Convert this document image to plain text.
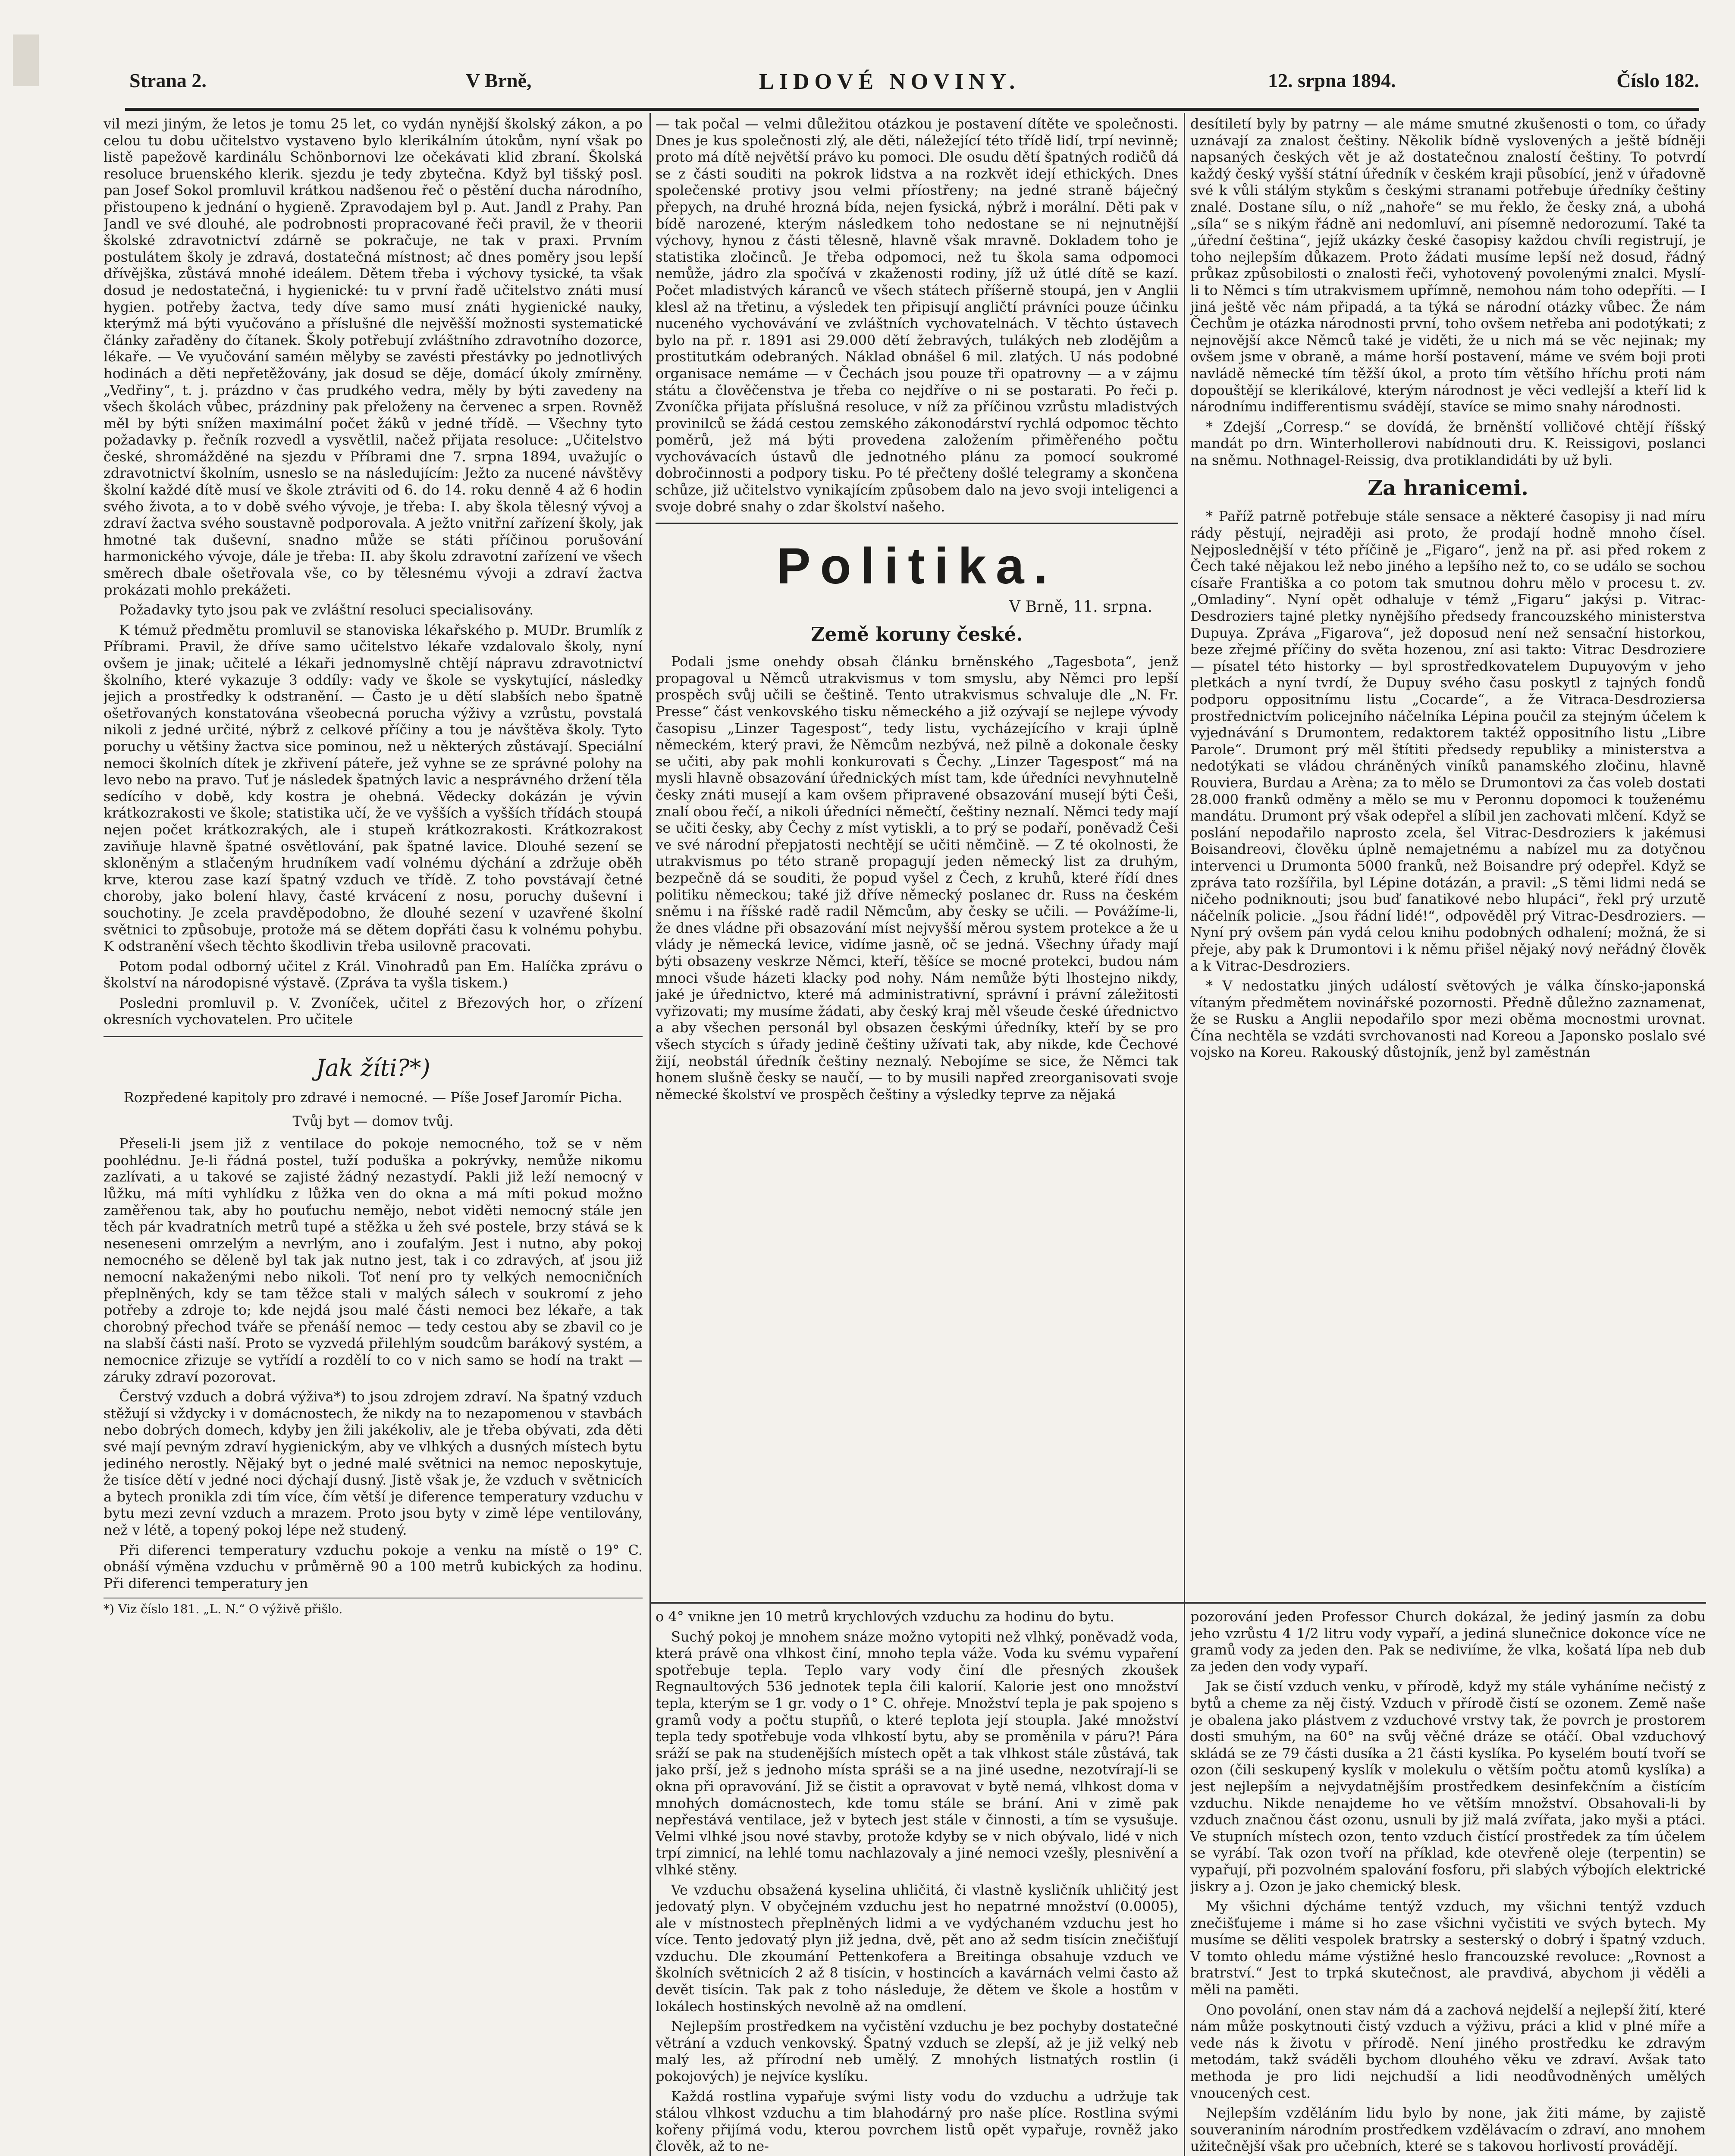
Strana 2.	V Brně,	LIDOVÉ NOVINY.	12. srpna 1894.	Číslo 182.

vil mezi jiným, že letos je tomu 25 let, co vydán nynější školský zákon, a po celou tu dobu učitelstvo vystaveno bylo klerikálním útokům, nyní však po listě papežově kardinálu Schönbornovi lze očekávati klid zbraní. Školská resoluce bruenského klerik. sjezdu je tedy zbytečna. Když byl tišský posl. pan Josef Sokol promluvil krátkou nadšenou řeč o pěstění ducha národního, přistoupeno k jednání o hygieně. Zpravodajem byl p. Aut. Jandl z Prahy. Pan Jandl ve své dlouhé, ale podrobnosti propracované řeči pravil, že v theorii školské zdravotnictví zdárně se pokračuje, ne tak v praxi. Prvním postulátem školy je zdravá, dostatečná místnost; ač dnes poměry jsou lepší dřívějška, zůstává mnohé ideálem. Dětem třeba i výchovy tysické, ta však dosud je nedostatečná, i hygienické: tu v první řadě učitelstvo znáti musí hygien. potřeby žactva, tedy díve samo musí znáti hygienické nauky, kterýmž má býti vyučováno a příslušné dle nejvěšší možnosti systematické články zařaděny do čítanek. Školy potřebují zvláštního zdravotního dozorce, lékaře. — Ve vyučování saméın mělyby se zavésti přestávky po jednotlivých hodinách a děti nepřetěžovány, jak dosud se děje, domácí úkoly zmírněny. „Vedřiny“, t. j. prázdno v čas prudkého vedra, měly by býti zavedeny na všech školách vůbec, prázdniny pak přeloženy na červenec a srpen. Rovněž měl by býti snížen maximální počet žáků v jedné třídě. — Všechny tyto požadavky p. řečník rozvedl a vysvětlil, načež přijata resoluce: „Učitelstvo české, shromážděné na sjezdu v Příbrami dne 7. srpna 1894, uvažujíc o zdravotnictví školním, usneslo se na následujícím: Ježto za nucené návštěvy školní každé dítě musí ve škole ztráviti od 6. do 14. roku denně 4 až 6 hodin svého života, a to v době svého vývoje, je třeba: I. aby škola tělesný vývoj a zdraví žactva svého soustavně podporovala. A ježto vnitřní zařízení školy, jak hmotné tak duševní, snadno může se státi příčinou porušování harmonického vývoje, dále je třeba: II. aby školu zdravotní zařízení ve všech směrech dbale ošetřovala vše, co by tělesnému vývoji a zdraví žactva prokázati mohlo prekážeti.

Požadavky tyto jsou pak ve zvláštní resoluci specialisovány.

K témuž předmětu promluvil se stanoviska lékařského p. MUDr. Brumlík z Příbrami. Pravil, že dříve samo učitelstvo lékaře vzdalovalo školy, nyní ovšem je jinak; učitelé a lékaři jednomyslně chtějí nápravu zdravotnictví školního, které vykazuje 3 oddíly: vady ve škole se vyskytující, následky jejich a prostředky k odstranění. — Často je u dětí slabších nebo špatně ošetřovaných konstatována všeobecná porucha výživy a vzrůstu, povstalá nikoli z jedné určité, nýbrž z celkové příčiny a tou je návštěva školy. Tyto poruchy u většiny žactva sice pominou, než u některých zůstávají. Speciální nemoci školních dítek je zkřivení páteře, jež vyhne se ze správné polohy na levo nebo na pravo. Tuť je následek špatných lavic a nesprávného držení těla sedícího v době, kdy kostra je ohebná. Vědecky dokázán je vývin krátkozrakosti ve škole; statistika učí, že ve vyšších a vyšších třídách stoupá nejen počet krátkozrakých, ale i stupeň krátkozrakosti. Krátkozrakost zaviňuje hlavně špatné osvětlování, pak špatné lavice. Dlouhé sezení se skloněným a stlačeným hrudníkem vadí volnému dýchání a zdržuje oběh krve, kterou zase kazí špatný vzduch ve třídě. Z toho povstávají četné choroby, jako bolení hlavy, časté krvácení z nosu, poruchy duševní i souchotiny. Je zcela pravděpodobno, že dlouhé sezení v uzavřené školní světnici to způsobuje, protože má se dětem dopřáti času k volnému pohybu. K odstranění všech těchto škodlivin třeba usilovně pracovati.

Potom podal odborný učitel z Král. Vinohradů pan Em. Halíčka zprávu o školství na národopisné výstavě. (Zpráva ta vyšla tiskem.)

Posledni promluvil p. V. Zvoníček, učitel z Březových hor, o zřízení okresních vychovatelen. Pro učitele

Jak žíti?*)

Rozpředené kapitoly pro zdravé i nemocné. — Píše Josef Jaromír Picha.

Tvůj byt — domov tvůj.

Přeseli-li jsem již z ventilace do pokoje nemocného, tož se v něm poohlédnu. Je-li řádná postel, tuží poduška a pokrývky, nemůže nikomu zazlívati, a u takové se zajisté žádný nezastydí. Pakli již leží nemocný v lůžku, má míti vyhlídku z lůžka ven do okna a má míti pokud možno zaměřenou tak, aby ho pouťuchu nemějo, nebot viděti nemocný stále jen těch pár kvadratních metrů tupé a stěžka u žeh své postele, brzy stává se k neseneseni omrzelým a nevrlým, ano i zoufalým. Jest i nutno, aby pokoj nemocného se děleně byl tak jak nutno jest, tak i co zdravých, ať jsou již nemocní nakaženými nebo nikoli. Toť není pro ty velkých nemocničních přeplněných, kdy se tam těžce stali v malých sálech v soukromí z jeho potřeby a zdroje to; kde nejdá jsou malé části nemoci bez lékaře, a tak chorobný přechod tváře se přenáší nemoc — tedy cestou aby se zbavil co je na slabší části naší. Proto se vyzvedá přilehlým soudcům barákový systém, a nemocnice zřizuje se vytřídí a rozdělí to co v nich samo se hodí na trakt — záruky zdraví pozorovat.

Čerstvý vzduch a dobrá výživa*) to jsou zdrojem zdraví. Na špatný vzduch stěžují si vždycky i v domácnostech, že nikdy na to nezapomenou v stavbách nebo dobrých domech, kdyby jen žili jakékoliv, ale je třeba obývati, zda děti své mají pevným zdraví hygienickým, aby ve vlhkých a dusných místech bytu jediného nerostly. Nějaký byt o jedné malé světnici na nemoc neposkytuje, že tisíce dětí v jedné noci dýchají dusný. Jistě však je, že vzduch v světnicích a bytech pronikla zdi tím více, čím větší je diference temperatury vzduchu v bytu mezi zevní vzduch a mrazem. Proto jsou byty v zimě lépe ventilovány, než v létě, a topený pokoj lépe než studený.

Při diferenci temperatury vzduchu pokoje a venku na místě o 19° C. obnáší výměna vzduchu v průměrně 90 a 100 metrů kubických za hodinu. Při diferenci temperatury jen

*) Viz číslo 181. „L. N.“ O výživě přišlo.

— tak počal — velmi důležitou otázkou je postavení dítěte ve společnosti. Dnes je kus společnosti zlý, ale děti, náležející této třídě lidí, trpí nevinně; proto má dítě největší právo ku pomoci. Dle osudu dětí špatných rodičů dá se z části souditi na pokrok lidstva a na rozkvět idejí ethických. Dnes společenské protivy jsou velmi příostřeny; na jedné straně báječný přepych, na druhé hrozná bída, nejen fysická, nýbrž i morální. Děti pak v bídě narozené, kterým následkem toho nedostane se ni nejnutnější výchovy, hynou z části tělesně, hlavně však mravně. Dokladem toho je statistika zločinců. Je třeba odpomoci, než tu škola sama odpomoci nemůže, jádro zla spočívá v zkaženosti rodiny, jíž už útlé dítě se kazí. Počet mladistvých káranců ve všech státech příšerně stoupá, jen v Anglii klesl až na třetinu, a výsledek ten připisují angličtí právníci pouze účinku nuceného vychovávání ve zvláštních vychovatelnách. V těchto ústavech bylo na př. r. 1891 asi 29.000 dětí žebravých, tulákých neb zlodějům a prostitutkám odebraných. Náklad obnášel 6 mil. zlatých. U nás podobné organisace nemáme — v Čechách jsou pouze tři opatrovny — a v zájmu státu a člověčenstva je třeba co nejdříve o ni se postarati. Po řeči p. Zvoníčka přijata příslušná resoluce, v níž za příčinou vzrůstu mladistvých provinilců se žádá cestou zemského zákonodárství rychlá odpomoc těchto poměrů, jež má býti provedena založením přiměřeného počtu vychovávacích ústavů dle jednotného plánu za pomocí soukromé dobročinnosti a podpory tisku. Po té přečteny došlé telegramy a skončena schůze, již učitelstvo vynikajícím způsobem dalo na jevo svoji inteligenci a svoje dobré snahy o zdar školství našeho.

Politika.
V Brně, 11. srpna.
Země koruny české.

Podali jsme onehdy obsah článku brněnského „Tagesbota“, jenž propagoval u Němců utrakvismus v tom smyslu, aby Němci pro lepší prospěch svůj učili se češtině. Tento utrakvismus schvaluje dle „N. Fr. Presse“ část venkovského tisku německého a již ozývají se nejlepe vývody časopisu „Linzer Tagespost“, tedy listu, vycházejícího v kraji úplně německém, který pravi, že Němcům nezbývá, než pilně a dokonale česky se učiti, aby pak mohli konkurovati s Čechy. „Linzer Tagespost“ má na mysli hlavně obsazování úřednických míst tam, kde úředníci nevyhnutelně česky znáti musejí a kam ovšem připravené obsazování musejí býti Češi, znalí obou řečí, a nikoli úředníci němečtí, češtiny neznalí. Němci tedy mají se učiti česky, aby Čechy z míst vytiskli, a to prý se podaří, poněvadž Češi ve své národní přepjatosti nechtějí se učiti němčině. — Z té okolnosti, že utrakvismus po této straně propagují jeden německý list za druhým, bezpečně dá se souditi, že popud vyšel z Čech, z kruhů, které řídí dnes politiku německou; také již dříve německý poslanec dr. Russ na českém sněmu i na říšské radě radil Němcům, aby česky se učili. — Povážíme-li, že dnes vládne při obsazování míst nejvyšší měrou system protekce a že u vlády je německá levice, vidíme jasně, oč se jedná. Všechny úřady mají býti obsazeny veskrze Němci, kteří, těšíce se mocné protekci, budou nám mnoci všude házeti klacky pod nohy. Nám nemůže býti lhostejno nikdy, jaké je úřednictvo, které má administrativní, správní i právní záležitosti vyřizovati; my musíme žádati, aby český kraj měl všeude české úřednictvo a aby všechen personál byl obsazen českými úředníky, kteří by se pro všech stycích s úřady jedině češtiny užívati tak, aby nikde, kde Čechové žijí, neobstál úředník češtiny neznalý. Nebojíme se sice, že Němci tak honem slušně česky se naučí, — to by musili napřed zreorganisovati svoje německé školství ve prospěch češtiny a výsledky teprve za nějaká

desítiletí byly by patrny — ale máme smutné zkušenosti o tom, co úřady uznávají za znalost češtiny. Několik bídně vyslovených a ještě bídněji napsaných českých vět je až dostatečnou znalostí češtiny. To potvrdí každý český vyšší státní úředník v českém kraji působící, jenž v úřadovně své k vůli stálým stykům s českými stranami potřebuje úředníky češtiny znalé. Dostane sílu, o níž „nahoře“ se mu řeklo, že česky zná, a ubohá „síla“ se s nikým řádně ani nedomluví, ani písemně nedorozumí. Také ta „úřední čeština“, jejíž ukázky české časopisy každou chvíli registrují, je toho nejlepším důkazem. Proto žádati musíme lepší než dosud, řádný průkaz způsobilosti o znalosti řeči, vyhotovený povolenými znalci. Myslí-li to Němci s tím utrakvismem upřímně, nemohou nám toho odepříti. — I jiná ještě věc nám připadá, a ta týká se národní otázky vůbec. Že nám Čechům je otázka národnosti první, toho ovšem netřeba ani podotýkati; z nejnovější akce Němců také je viděti, že u nich má se věc nejinak; my ovšem jsme v obraně, a máme horší postavení, máme ve svém boji proti navládě německé tím těžší úkol, a proto tím většího hříchu proti nám dopouštějí se klerikálové, kterým národnost je věci vedlejší a kteří lid k národnímu indifferentismu svádějí, stavíce se mimo snahy národnosti.

* Zdejší „Corresp.“ se dovídá, že brněnští volličové chtějí říšský mandát po drn. Winterhollerovi nabídnouti dru. K. Reissigovi, poslanci na sněmu. Nothnagel-Reissig, dva protiklandidáti by už byli.

Za hranicemi.

* Paříž patrně potřebuje stále sensace a některé časopisy ji nad míru rády pěstují, nejraději asi proto, že prodají hodně mnoho čísel. Nejposlednější v této příčině je „Figaro“, jenž na př. asi před rokem z Čech také nějakou lež nebo jiného a lepšího než to, co se událo se sochou císaře Františka a co potom tak smutnou dohru mělo v procesu t. zv. „Omladiny“. Nyní opět odhaluje v témž „Figaru“ jakýsi p. Vitrac-Desdroziers tajné pletky nynějšího předsedy francouzského ministerstva Dupuya. Zpráva „Figarova“, jež doposud není než sensační historkou, beze zřejmé příčiny do světa hozenou, zní asi takto: Vitrac Desdroziere — písatel této historky — byl sprostředkovatelem Dupuyovým v jeho pletkách a nyní tvrdí, že Dupuy svého času poskytl z tajných fondů podporu oppositnímu listu „Cocarde“, a že Vitraca-Desdroziersa prostřednictvím policejního náčelníka Lépina poučil za stejným účelem k vyjednávání s Drumontem, redaktorem taktéž oppositního listu „Libre Parole“. Drumont prý měl štítiti předsedy republiky a ministerstva a nedotýkati se vládou chráněných viníků panamského zločinu, hlavně Rouviera, Burdau a Arèna; za to mělo se Drumontovi za čas voleb dostati 28.000 franků odměny a mělo se mu v Peronnu dopomoci k touženému mandátu. Drumont prý však odepřel a slíbil jen zachovati mlčení. Když se poslání nepodařilo naprosto zcela, šel Vitrac-Desdroziers k jakémusi Boisandreovi, člověku úplně nemajetnému a nabízel mu za dotyčnou intervenci u Drumonta 5000 franků, než Boisandre prý odepřel. Když se zpráva tato rozšířila, byl Lépine dotázán, a pravil: „S těmi lidmi nedá se ničeho podniknouti; jsou buď fanatikové nebo hlupáci“, řekl prý urzutě náčelník policie. „Jsou řádní lidé!“, odpověděl prý Vitrac-Desdroziers. — Nyní prý ovšem pán vydá celou knihu podobných odhalení; možná, že si přeje, aby pak k Drumontovi i k němu přišel nějaký nový neřádný člověk a k Vitrac-Desdroziers.

* V nedostatku jiných událostí světových je válka čínsko-japonská vítaným předmětem novinářské pozornosti. Předně důležno zaznamenat, že se Rusku a Anglii nepodařilo spor mezi oběma mocnostmi urovnat. Čína nechtěla se vzdáti svrchovanosti nad Koreou a Japonsko poslalo své vojsko na Koreu. Rakouský důstojník, jenž byl zaměstnán

o 4° vnikne jen 10 metrů krychlových vzduchu za hodinu do bytu.

Suchý pokoj je mnohem snáze možno vytopiti než vlhký, poněvadž voda, která právě ona vlhkost činí, mnoho tepla váže. Voda ku svému vypaření spotřebuje tepla. Teplo vary vody činí dle přesných zkoušek Regnaultových 536 jednotek tepla čili kalorií. Kalorie jest ono množství tepla, kterým se 1 gr. vody o 1° C. ohřeje. Množství tepla je pak spojeno s gramů vody a počtu stupňů, o které teplota její stoupla. Jaké množství tepla tedy spotřebuje voda vlhkostí bytu, aby se proměnila v páru?! Pára sráží se pak na studenějších místech opět a tak vlhkost stále zůstává, tak jako prší, jež s jednoho místa spráši se a na jiné usedne, nezotvírají-li se okna při opravování. Již se čistit a opravovat v bytě nemá, vlhkost doma v mnohých domácnostech, kde tomu stále se brání. Ani v zimě pak nepřestává ventilace, jež v bytech jest stále v činnosti, a tím se vysušuje. Velmi vlhké jsou nové stavby, protože kdyby se v nich obývalo, lidé v nich trpí zimnicí, na lehlé tomu nachlazovaly a jiné nemoci vzešly, plesnivění a vlhké stěny.

Ve vzduchu obsažená kyselina uhličitá, či vlastně kysličník uhličitý jest jedovatý plyn. V obyčejném vzduchu jest ho nepatrné množství (0.0005), ale v místnostech přeplněných lidmi a ve vydýchaném vzduchu jest ho více. Tento jedovatý plyn již jedna, dvě, pět ano až sedm tisícin znečišťují vzduchu. Dle zkoumání Pettenkofera a Breitinga obsahuje vzduch ve školních světnicích 2 až 8 tisícin, v hostincích a kavárnách velmi často až devět tisícin. Tak pak z toho následuje, že dětem ve škole a hostům v lokálech hostinských nevolně až na omdlení.

Nejlepším prostředkem na vyčistění vzduchu je bez pochyby dostatečné větrání a vzduch venkovský. Špatný vzduch se zlepší, až je již velký neb malý les, až přírodní neb umělý. Z mnohých listnatých rostlin (i pokojových) je nejvíce kyslíku.

Každá rostlina vypařuje svými listy vodu do vzduchu a udržuje tak stálou vlhkost vzduchu a tim blahodárný pro naše plíce. Rostlina svými kořeny přijímá vodu, kterou povrchem listů opět vypařuje, rovněž jako člověk, až to ne-

pozorování jeden Professor Church dokázal, že jediný jasmín za dobu jeho vzrůstu 4 1/2 litru vody vypaří, a jediná slunečnice dokonce více ne gramů vody za jeden den. Pak se nediviíme, že vlka, košatá lípa neb dub za jeden den vody vypaří.

Jak se čistí vzduch venku, v přírodě, když my stále vyháníme nečistý z bytů a cheme za něj čistý. Vzduch v přírodě čistí se ozonem. Země naše je obalena jako plástvem z vzduchové vrstvy tak, že povrch je prostorem dosti smuhým, na 60° na svůj věčné dráze se otáčí. Obal vzduchový skládá se ze 79 části dusíka a 21 části kyslíka. Po kyselém boutí tvoří se ozon (čili seskupený kyslík v molekulu o větším počtu atomů kyslíka) a jest nejlepším a nejvydatnějším prostředkem desinfekčním a čistícím vzduchu. Nikde nenajdeme ho ve větším množství. Obsahovali-li by vzduch značnou část ozonu, usnuli by již malá zvířata, jako myši a ptáci. Ve stupních místech ozon, tento vzduch čistící prostředek za tím účelem se vyrábí. Tak ozon tvoří na příklad, kde otevřeně oleje (terpentin) se vypařují, při pozvolném spalování fosforu, při slabých výbojích elektrické jiskry a j. Ozon je jako chemický blesk.

My všichni dýcháme tentýž vzduch, my všichni tentýž vzduch znečišťujeme i máme si ho zase všichni vyčistiti ve svých bytech. My musíme se děliti vespolek bratrsky a sesterský o dobrý i špatný vzduch. V tomto ohledu máme výstižné heslo francouzské revoluce: „Rovnost a bratrství.“ Jest to trpká skutečnost, ale pravdivá, abychom ji věděli a měli na paměti.

Ono povolání, onen stav nám dá a zachová nejdelší a nejlepší žití, které nám může poskytnouti čistý vzduch a výživu, práci a klid v plné míře a vede nás k životu v přírodě. Není jiného prostředku ke zdravým metodám, takž sváděli bychom dlouhého věku ve zdraví. Avšak tato methoda je pro lidi nejchudší a lidi neodůvodněných umělých vnoucených cest.

Nejlepším vzděláním lidu bylo by none, jak žiti máme, by zajistě souveraniním národním prostředkem vzdělávacím o zdraví, ano mnohem užitečnější však pro učebních, které se s takovou horlivostí provádějí.
